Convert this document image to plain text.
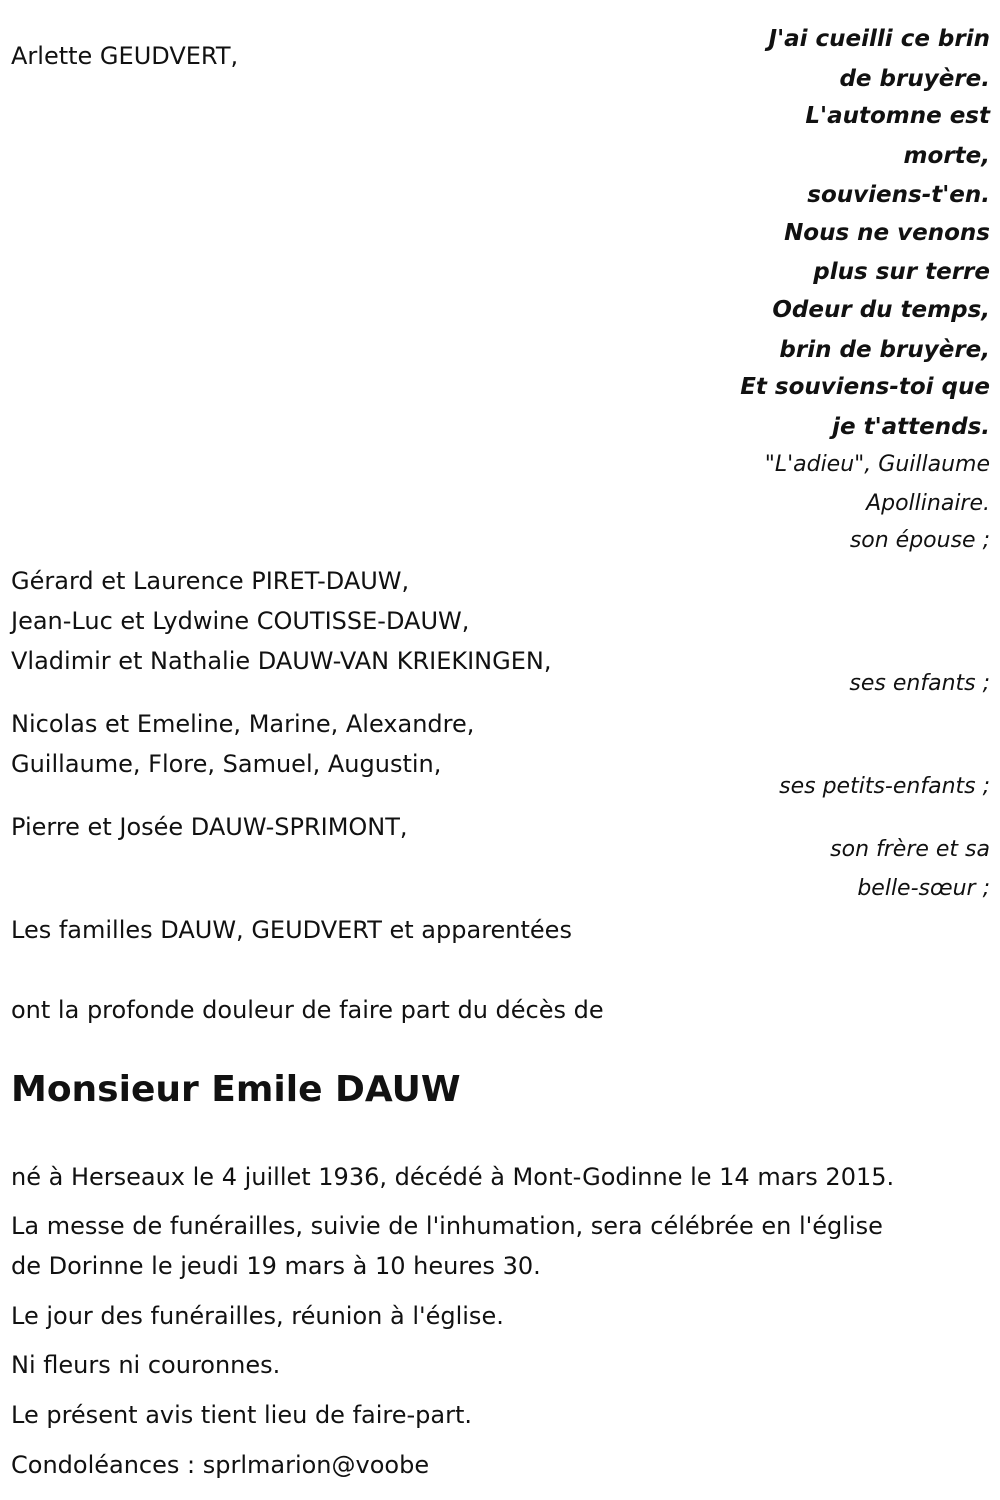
Arlette GEUDVERT,
J'ai cueilli ce brin
de bruyère.
L'automne est
morte,
souviens-t'en.
Nous ne venons
plus sur terre
Odeur du temps,
brin de bruyère,
Et souviens-toi que
je t'attends.
"L'adieu", Guillaume
Apollinaire.
son épouse ;
Gérard et Laurence PIRET-DAUW,
Jean-Luc et Lydwine COUTISSE-DAUW,
Vladimir et Nathalie DAUW-VAN KRIEKINGEN,
ses enfants ;
Nicolas et Emeline, Marine, Alexandre,
Guillaume, Flore, Samuel, Augustin,
ses petits-enfants ;
Pierre et Josée DAUW-SPRIMONT,
son frère et sa
belle-sœur ;
Les familles DAUW, GEUDVERT et apparentées
ont la profonde douleur de faire part du décès de
Monsieur Emile DAUW
né à Herseaux le 4 juillet 1936, décédé à Mont-Godinne le 14 mars 2015.
La messe de funérailles, suivie de l'inhumation, sera célébrée en l'église
de Dorinne le jeudi 19 mars à 10 heures 30.
Le jour des funérailles, réunion à l'église.
Ni fleurs ni couronnes.
Le présent avis tient lieu de faire-part.
Condoléances : sprlmarion@voobe
